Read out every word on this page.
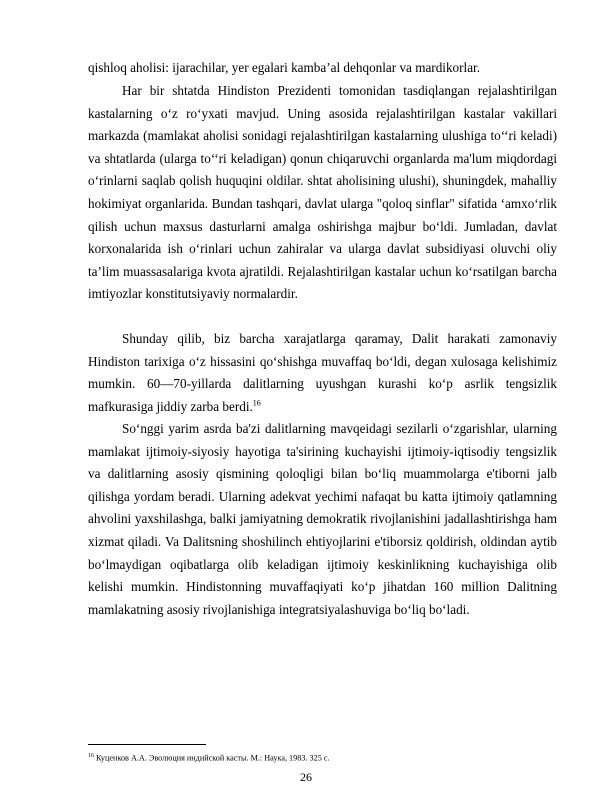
qishloq aholisi: ijarachilar, yer egalari kamba’al dehqonlar va mardikorlar.

Har bir shtatda Hindiston Prezidenti tomonidan tasdiqlangan rejalashtirilgan kastalarning o‘z ro‘yxati mavjud. Uning asosida rejalashtirilgan kastalar vakillari markazda (mamlakat aholisi sonidagi rejalashtirilgan kastalarning ulushiga to‘‘ri keladi) va shtatlarda (ularga to‘‘ri keladigan) qonun chiqaruvchi organlarda ma'lum miqdordagi o‘rinlarni saqlab qolish huquqini oldilar. shtat aholisining ulushi), shuningdek, mahalliy hokimiyat organlarida. Bundan tashqari, davlat ularga "qoloq sinflar" sifatida ‘amxo‘rlik qilish uchun maxsus dasturlarni amalga oshirishga majbur bo‘ldi. Jumladan, davlat korxonalarida ish o‘rinlari uchun zahiralar va ularga davlat subsidiyasi oluvchi oliy ta’lim muassasalariga kvota ajratildi. Rejalashtirilgan kastalar uchun ko‘rsatilgan barcha imtiyozlar konstitutsiyaviy normalardir.

Shunday qilib, biz barcha xarajatlarga qaramay, Dalit harakati zamonaviy Hindiston tarixiga o‘z hissasini qo‘shishga muvaffaq bo‘ldi, degan xulosaga kelishimiz mumkin. 60—70-yillarda dalitlarning uyushgan kurashi ko‘p asrlik tengsizlik mafkurasiga jiddiy zarba berdi.$^{16}$

So‘nggi yarim asrda ba'zi dalitlarning mavqeidagi sezilarli o‘zgarishlar, ularning mamlakat ijtimoiy-siyosiy hayotiga ta'sirining kuchayishi ijtimoiy-iqtisodiy tengsizlik va dalitlarning asosiy qismining qoloqligi bilan bo‘liq muammolarga e'tiborni jalb qilishga yordam beradi. Ularning adekvat yechimi nafaqat bu katta ijtimoiy qatlamning ahvolini yaxshilashga, balki jamiyatning demokratik rivojlanishini jadallashtirishga ham xizmat qiladi. Va Dalitsning shoshilinch ehtiyojlarini e'tiborsiz qoldirish, oldindan aytib bo‘lmaydigan oqibatlarga olib keladigan ijtimoiy keskinlikning kuchayishiga olib kelishi mumkin. Hindistonning muvaffaqiyati ko‘p jihatdan 160 million Dalitning mamlakatning asosiy rivojlanishiga integratsiyalashuviga bo‘liq bo‘ladi.

$^{16}$ Куценков А.А. Эволюция индийской касты. М.: Наука, 1983. 325 с.

26
